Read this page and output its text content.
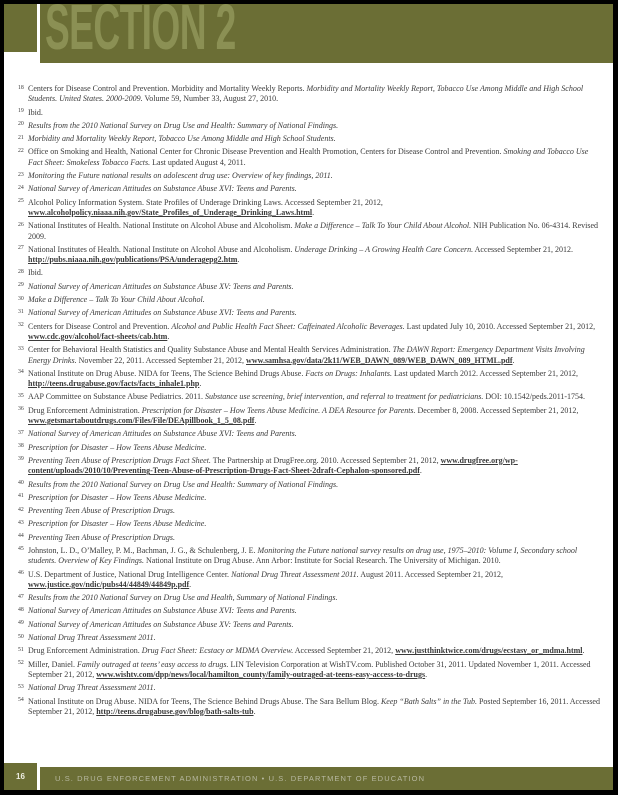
SECTION 2
18 Centers for Disease Control and Prevention. Morbidity and Mortality Weekly Reports. Morbidity and Mortality Weekly Report, Tobacco Use Among Middle and High School Students. United States. 2000-2009. Volume 59, Number 33, August 27, 2010.
19 Ibid.
20 Results from the 2010 National Survey on Drug Use and Health: Summary of National Findings.
21 Morbidity and Mortality Weekly Report, Tobacco Use Among Middle and High School Students.
22 Office on Smoking and Health, National Center for Chronic Disease Prevention and Health Promotion, Centers for Disease Control and Prevention. Smoking and Tobacco Use Fact Sheet: Smokeless Tobacco Facts. Last updated August 4, 2011.
23 Monitoring the Future national results on adolescent drug use: Overview of key findings, 2011.
24 National Survey of American Attitudes on Substance Abuse XVI: Teens and Parents.
25 Alcohol Policy Information System. State Profiles of Underage Drinking Laws. Accessed September 21, 2012, www.alcoholpolicy.niaaa.nih.gov/State_Profiles_of_Underage_Drinking_Laws.html.
26 National Institutes of Health. National Institute on Alcohol Abuse and Alcoholism. Make a Difference – Talk To Your Child About Alcohol. NIH Publication No. 06-4314. Revised 2009.
27 National Institutes of Health. National Institute on Alcohol Abuse and Alcoholism. Underage Drinking – A Growing Health Care Concern. Accessed September 21, 2012. http://pubs.niaaa.nih.gov/publications/PSA/underagepg2.htm.
28 Ibid.
29 National Survey of American Attitudes on Substance Abuse XV: Teens and Parents.
30 Make a Difference – Talk To Your Child About Alcohol.
31 National Survey of American Attitudes on Substance Abuse XVI: Teens and Parents.
32 Centers for Disease Control and Prevention. Alcohol and Public Health Fact Sheet: Caffeinated Alcoholic Beverages. Last updated July 10, 2010. Accessed September 21, 2012, www.cdc.gov/alcohol/fact-sheets/cab.htm.
33 Center for Behavioral Health Statistics and Quality Substance Abuse and Mental Health Services Administration. The DAWN Report: Emergency Department Visits Involving Energy Drinks. November 22, 2011. Accessed September 21, 2012, www.samhsa.gov/data/2k11/WEB_DAWN_089/WEB_DAWN_089_HTML.pdf.
34 National Institute on Drug Abuse. NIDA for Teens, The Science Behind Drugs Abuse. Facts on Drugs: Inhalants. Last updated March 2012. Accessed September 21, 2012, http://teens.drugabuse.gov/facts/facts_inhale1.php.
35 AAP Committee on Substance Abuse Pediatrics. 2011. Substance use screening, brief intervention, and referral to treatment for pediatricians. DOI: 10.1542/peds.2011-1754.
36 Drug Enforcement Administration. Prescription for Disaster – How Teens Abuse Medicine. A DEA Resource for Parents. December 8, 2008. Accessed September 21, 2012, www.getsmartaboutdrugs.com/Files/File/DEApillbook_1_5_08.pdf.
37 National Survey of American Attitudes on Substance Abuse XVI: Teens and Parents.
38 Prescription for Disaster – How Teens Abuse Medicine.
39 Preventing Teen Abuse of Prescription Drugs Fact Sheet. The Partnership at DrugFree.org. 2010. Accessed September 21, 2012, www.drugfree.org/wp-content/uploads/2010/10/Preventing-Teen-Abuse-of-Prescription-Drugs-Fact-Sheet-2draft-Cephalon-sponsored.pdf.
40 Results from the 2010 National Survey on Drug Use and Health: Summary of National Findings.
41 Prescription for Disaster – How Teens Abuse Medicine.
42 Preventing Teen Abuse of Prescription Drugs.
43 Prescription for Disaster – How Teens Abuse Medicine.
44 Preventing Teen Abuse of Prescription Drugs.
45 Johnston, L. D., O’Malley, P. M., Bachman, J. G., & Schulenberg, J. E. Monitoring the Future national survey results on drug use, 1975–2010: Volume I, Secondary school students. Overview of Key Findings. National Institute on Drug Abuse. Ann Arbor: Institute for Social Research. The University of Michigan. 2010.
46 U.S. Department of Justice, National Drug Intelligence Center. National Drug Threat Assessment 2011. August 2011. Accessed September 21, 2012, www.justice.gov/ndic/pubs44/44849/44849p.pdf.
47 Results from the 2010 National Survey on Drug Use and Health, Summary of National Findings.
48 National Survey of American Attitudes on Substance Abuse XVI: Teens and Parents.
49 National Survey of American Attitudes on Substance Abuse XV: Teens and Parents.
50 National Drug Threat Assessment 2011.
51 Drug Enforcement Administration. Drug Fact Sheet: Ecstacy or MDMA Overview. Accessed September 21, 2012, www.justthinktwice.com/drugs/ecstasy_or_mdma.html.
52 Miller, Daniel. Family outraged at teens’ easy access to drugs. LIN Television Corporation at WishTV.com. Published October 31, 2011. Updated November 1, 2011. Accessed September 21, 2012, www.wishtv.com/dpp/news/local/hamilton_county/family-outraged-at-teens-easy-access-to-drugs.
53 National Drug Threat Assessment 2011.
54 National Institute on Drug Abuse. NIDA for Teens, The Science Behind Drugs Abuse. The Sara Bellum Blog. Keep “Bath Salts” in the Tub. Posted September 16, 2011. Accessed September 21, 2012, http://teens.drugabuse.gov/blog/bath-salts-tub.
16	U.S. DRUG ENFORCEMENT ADMINISTRATION • U.S. DEPARTMENT OF EDUCATION
